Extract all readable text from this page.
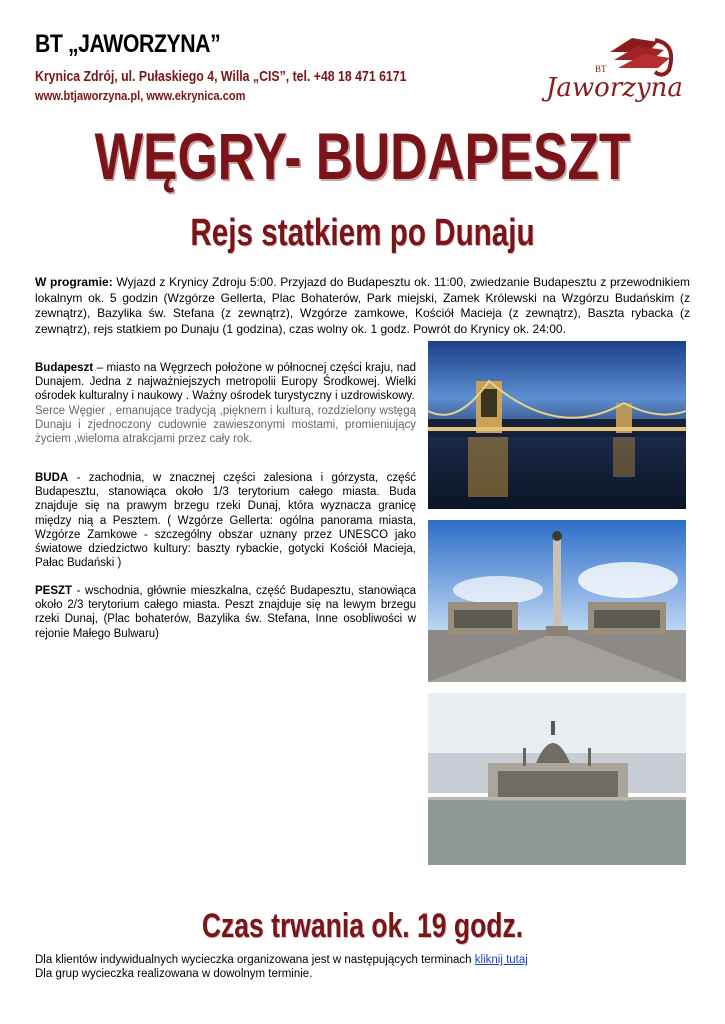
BT „JAWORZYNA”
Krynica Zdrój, ul. Pułaskiego 4, Willa „CIS”, tel. +48 18 471 6171
www.btjaworzyna.pl, www.ekrynica.com
BT
Jaworzyna
WĘGRY- BUDAPESZT
Rejs statkiem po Dunaju
W programie: Wyjazd z Krynicy Zdroju 5:00. Przyjazd do Budapesztu ok. 11:00, zwiedzanie Budapesztu z przewodnikiem lokalnym ok. 5 godzin (Wzgórze Gellerta, Plac Bohaterów, Park miejski, Zamek Królewski na Wzgórzu Budańskim (z zewnątrz), Bazylika św. Stefana (z zewnątrz), Wzgórze zamkowe, Kościół Macieja (z zewnątrz), Baszta rybacka (z zewnątrz), rejs statkiem po Dunaju (1 godzina), czas wolny ok. 1 godz. Powrót do Krynicy ok. 24:00.
Budapeszt – miasto na Węgrzech położone w północnej części kraju, nad Dunajem. Jedna z najważniejszych metropolii Europy Środkowej. Wielki ośrodek kulturalny i naukowy . Ważny ośrodek turystyczny i uzdrowiskowy.
Serce Węgier , emanujące tradycją ,pięknem i kulturą, rozdzielony wstęgą Dunaju i zjednoczony cudownie zawieszonymi mostami, promieniujący życiem ,wieloma atrakcjami przez cały rok.
BUDA - zachodnia, w znacznej części zalesiona i górzysta, część Budapesztu, stanowiąca około 1/3 terytorium całego miasta. Buda znajduje się na prawym brzegu rzeki Dunaj, która wyznacza granicę między nią a Pesztem. ( Wzgórze Gellerta: ogólna panorama miasta, Wzgórze Zamkowe - szczególny obszar uznany przez UNESCO jako światowe dziedzictwo kultury: baszty rybackie, gotycki Kościół Macieja, Pałac Budański )
PESZT - wschodnia, głównie mieszkalna, część Budapesztu, stanowiąca około 2/3 terytorium całego miasta. Peszt znajduje się na lewym brzegu rzeki Dunaj, (Plac bohaterów, Bazylika św. Stefana, Inne osobliwości w rejonie Małego Bulwaru)
Czas trwania ok. 19 godz.
Dla klientów indywidualnych wycieczka organizowana jest w następujących terminach kliknij tutaj
Dla grup wycieczka realizowana w dowolnym terminie.
